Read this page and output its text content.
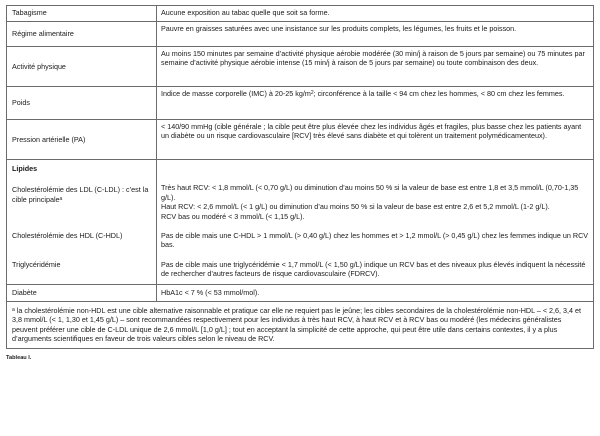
Tabagisme	Aucune exposition au tabac quelle que soit sa forme.
Régime alimentaire	Pauvre en graisses saturées avec une insistance sur les produits complets, les légumes, les fruits et le poisson.
Activité physique	Au moins 150 minutes par semaine d’activité physique aérobie modérée (30 min/j à raison de 5 jours par semaine) ou 75 minutes par semaine d’activité physique aérobie intense (15 min/j à raison de 5 jours par semaine) ou toute combinaison des deux.
Poids	Indice de masse corporelle (IMC) à 20-25 $kg/m^2$; circonférence à la taille < 94 cm chez les hommes, < 80 cm chez les femmes.
Pression artérielle (PA)	< 140/90 mmHg (cible générale ; la cible peut être plus élevée chez les individus âgés et fragiles, plus basse chez les patients ayant un diabète ou un risque cardiovasculaire [RCV] très élevé sans diabète et qui tolèrent un traitement polymédicamenteux).
Lipides	
Cholestérolémie des LDL (C-LDL) : c’est la cible principale$^a$	Très haut RCV: < 1,8 mmol/L (< 0,70 g/L) ou diminution d’au moins 50 % si la valeur de base est entre 1,8 et 3,5 mmol/L (0,70-1,35 g/L).
Haut RCV: < 2,6 mmol/L (< 1 g/L) ou diminution d’au moins 50 % si la valeur de base est entre 2,6 et 5,2 mmol/L (1-2 g/L).
RCV bas ou modéré < 3 mmol/L (< 1,15 g/L).

Cholestérolémie des HDL (C-HDL)	Pas de cible mais une C-HDL > 1 mmol/L (> 0,40 g/L) chez les hommes et > 1,2 mmol/L (> 0,45 g/L) chez les femmes indique un RCV bas.
Triglycéridémie	Pas de cible mais une triglycéridémie < 1,7 mmol/L (< 1,50 g/L) indique un RCV bas et des niveaux plus élevés indiquent la nécessité de rechercher d’autres facteurs de risque cardiovasculaire (FDRCV).
Diabète	HbA1c < 7 % (< 53 mmol/mol).
$^a$ la cholestérolémie non-HDL est une cible alternative raisonnable et pratique car elle ne requiert pas le jeûne; les cibles secondaires de la cholestérolémie non-HDL – < 2,6, 3,4 et 3,8 mmol/L (< 1, 1,30 et 1,45 g/L) – sont recommandées respectivement pour les individus à très haut RCV, à haut RCV et à RCV bas ou modéré (les médecins généralistes peuvent préférer une cible de C-LDL unique de 2,6 mmol/L [1,0 g/L] ; tout en acceptant la simplicité de cette approche, qui peut être utile dans certains contextes, il y a plus d’arguments scientifiques en faveur de trois valeurs cibles selon le niveau de RCV.	
Tableau I.
